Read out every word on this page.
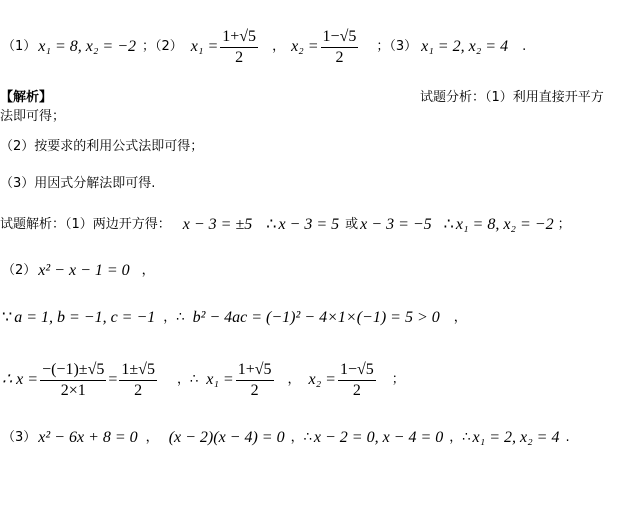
（1） x₁ = 8, x₂ = −2 ；（2） $x_1 = \frac{1+√5}{2}$ ， $x_2 = \frac{1-√5}{2}$ ；（3） x₁ = 2, x₂ = 4 .
【解析】	试题分析：（1）利用直接开平方
法即可得；
（2）按要求的利用公式法即可得；
（3）用因式分解法即可得.
试题解析：（1）两边开方得： x − 3 = ±5 ∴ x − 3 = 5 或 x − 3 = −5 ∴ x₁ = 8, x₂ = −2 ；
（2） x² − x − 1 = 0 ，
∵ a = 1, b = −1, c = −1 ，∴ b² − 4ac = (−1)² − 4×1×(−1) = 5 > 0 ，
∴ $x = \frac{-(-1)\pm√5}{2\times 1} = \frac{1\pm√5}{2}$ ，∴ $x_1 = \frac{1+√5}{2}$ ， $x_2 = \frac{1-√5}{2}$ ；
（3） x² − 6x + 8 = 0 ， (x − 2)(x − 4) = 0 ，∴ x − 2 = 0, x − 4 = 0 ，∴ x₁ = 2, x₂ = 4 .
